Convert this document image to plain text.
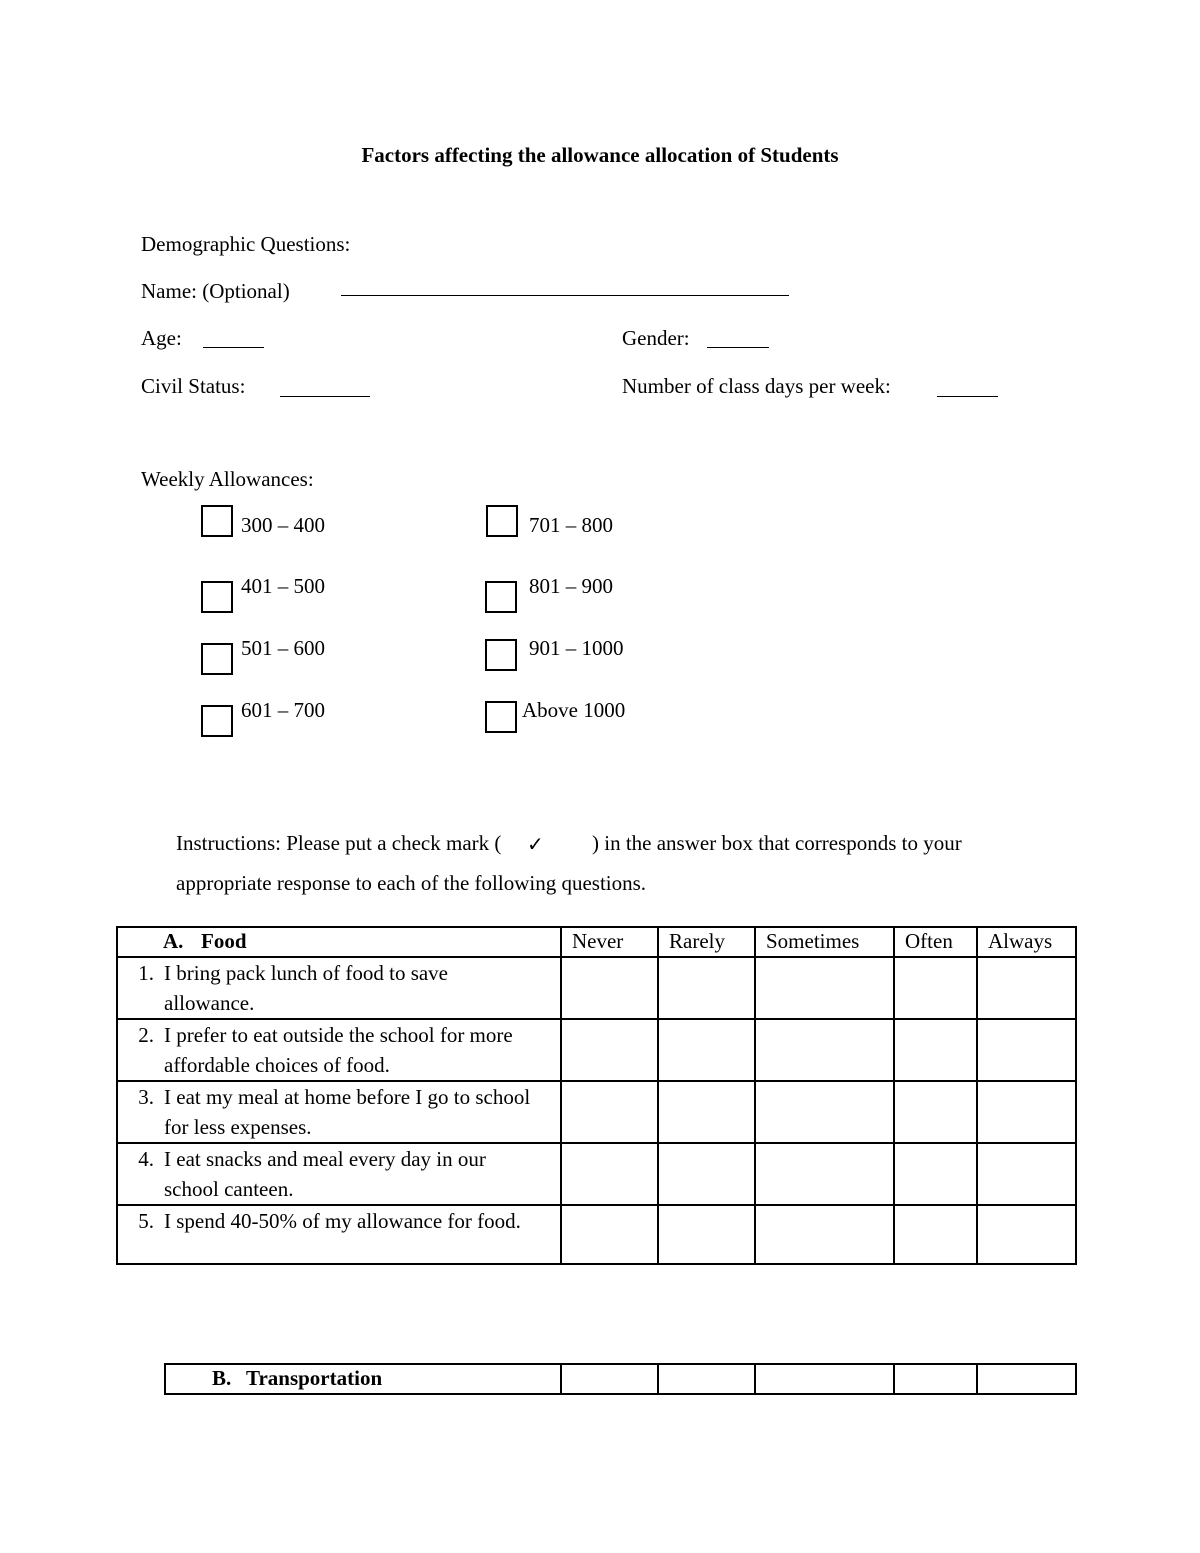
Factors affecting the allowance allocation of Students
Demographic Questions:
Name: (Optional)
Age:	Gender:
Civil Status:	Number of class days per week:
Weekly Allowances:
300 – 400
401 – 500
501 – 600
601 – 700
701 – 800
801 – 900
901 – 1000
Above 1000
Instructions: Please put a check mark ( ✓ ) in the answer box that corresponds to your
appropriate response to each of the following questions.
A. Food	Never	Rarely	Sometimes	Often	Always
1. I bring pack lunch of food to save allowance.					
2. I prefer to eat outside the school for more affordable choices of food.					
3. I eat my meal at home before I go to school for less expenses.					
4. I eat snacks and meal every day in our school canteen.					
5. I spend 40-50% of my allowance for food.					
B. Transportation					
